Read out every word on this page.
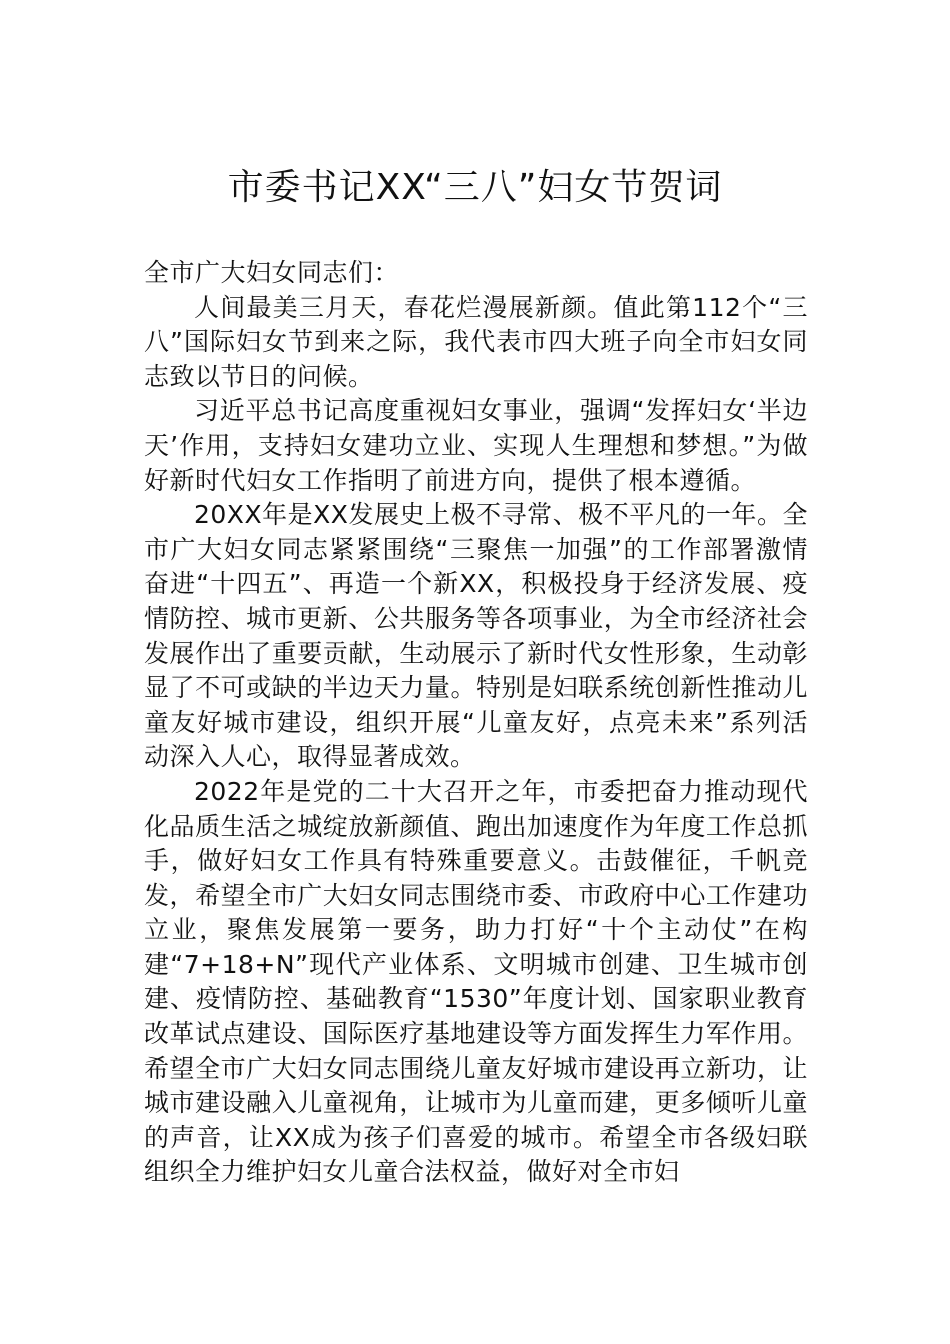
市委书记XX“三八”妇女节贺词

全市广大妇女同志们：

人间最美三月天，春花烂漫展新颜。值此第112个“三八”国际妇女节到来之际，我代表市四大班子向全市妇女同志致以节日的问候。

习近平总书记高度重视妇女事业，强调“发挥妇女‘半边天’作用，支持妇女建功立业、实现人生理想和梦想。”为做好新时代妇女工作指明了前进方向，提供了根本遵循。

20XX年是XX发展史上极不寻常、极不平凡的一年。全市广大妇女同志紧紧围绕“三聚焦一加强”的工作部署激情奋进“十四五”、再造一个新XX，积极投身于经济发展、疫情防控、城市更新、公共服务等各项事业，为全市经济社会发展作出了重要贡献，生动展示了新时代女性形象，生动彰显了不可或缺的半边天力量。特别是妇联系统创新性推动儿童友好城市建设，组织开展“儿童友好，点亮未来”系列活动深入人心，取得显著成效。

2022年是党的二十大召开之年，市委把奋力推动现代化品质生活之城绽放新颜值、跑出加速度作为年度工作总抓手，做好妇女工作具有特殊重要意义。击鼓催征，千帆竞发，希望全市广大妇女同志围绕市委、市政府中心工作建功立业，聚焦发展第一要务，助力打好“十个主动仗”在构建“7+18+N”现代产业体系、文明城市创建、卫生城市创建、疫情防控、基础教育“1530”年度计划、国家职业教育改革试点建设、国际医疗基地建设等方面发挥生力军作用。希望全市广大妇女同志围绕儿童友好城市建设再立新功，让城市建设融入儿童视角，让城市为儿童而建，更多倾听儿童的声音，让XX成为孩子们喜爱的城市。希望全市各级妇联组织全力维护妇女儿童合法权益，做好对全市妇
